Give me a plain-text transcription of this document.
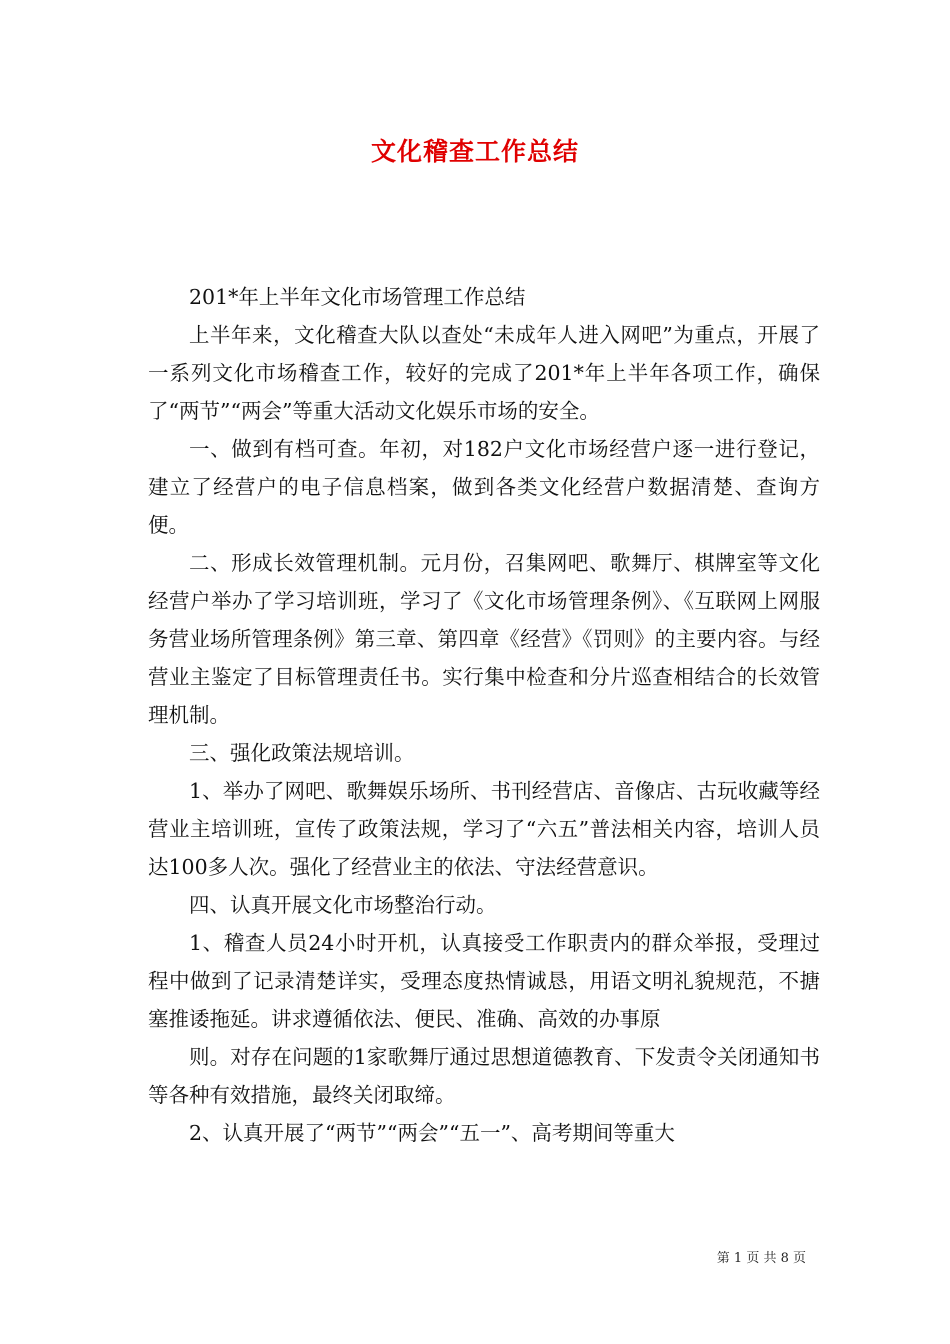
文化稽查工作总结

201*年上半年文化市场管理工作总结

上半年来，文化稽查大队以查处“未成年人进入网吧”为重点，开展了一系列文化市场稽查工作，较好的完成了201*年上半年各项工作，确保了“两节”“两会”等重大活动文化娱乐市场的安全。

一、做到有档可查。年初，对182户文化市场经营户逐一进行登记，建立了经营户的电子信息档案，做到各类文化经营户数据清楚、查询方便。

二、形成长效管理机制。元月份，召集网吧、歌舞厅、棋牌室等文化经营户举办了学习培训班，学习了《文化市场管理条例》、《互联网上网服务营业场所管理条例》第三章、第四章《经营》《罚则》的主要内容。与经营业主鉴定了目标管理责任书。实行集中检查和分片巡查相结合的长效管理机制。

三、强化政策法规培训。

1、举办了网吧、歌舞娱乐场所、书刊经营店、音像店、古玩收藏等经营业主培训班，宣传了政策法规，学习了“六五”普法相关内容，培训人员达100多人次。强化了经营业主的依法、守法经营意识。

四、认真开展文化市场整治行动。

1、稽查人员24小时开机，认真接受工作职责内的群众举报，受理过程中做到了记录清楚详实，受理态度热情诚恳，用语文明礼貌规范，不搪塞推诿拖延。讲求遵循依法、便民、准确、高效的办事原

则。对存在问题的1家歌舞厅通过思想道德教育、下发责令关闭通知书等各种有效措施，最终关闭取缔。

2、认真开展了“两节”“两会”“五一”、高考期间等重大

第 1 页 共 8 页
